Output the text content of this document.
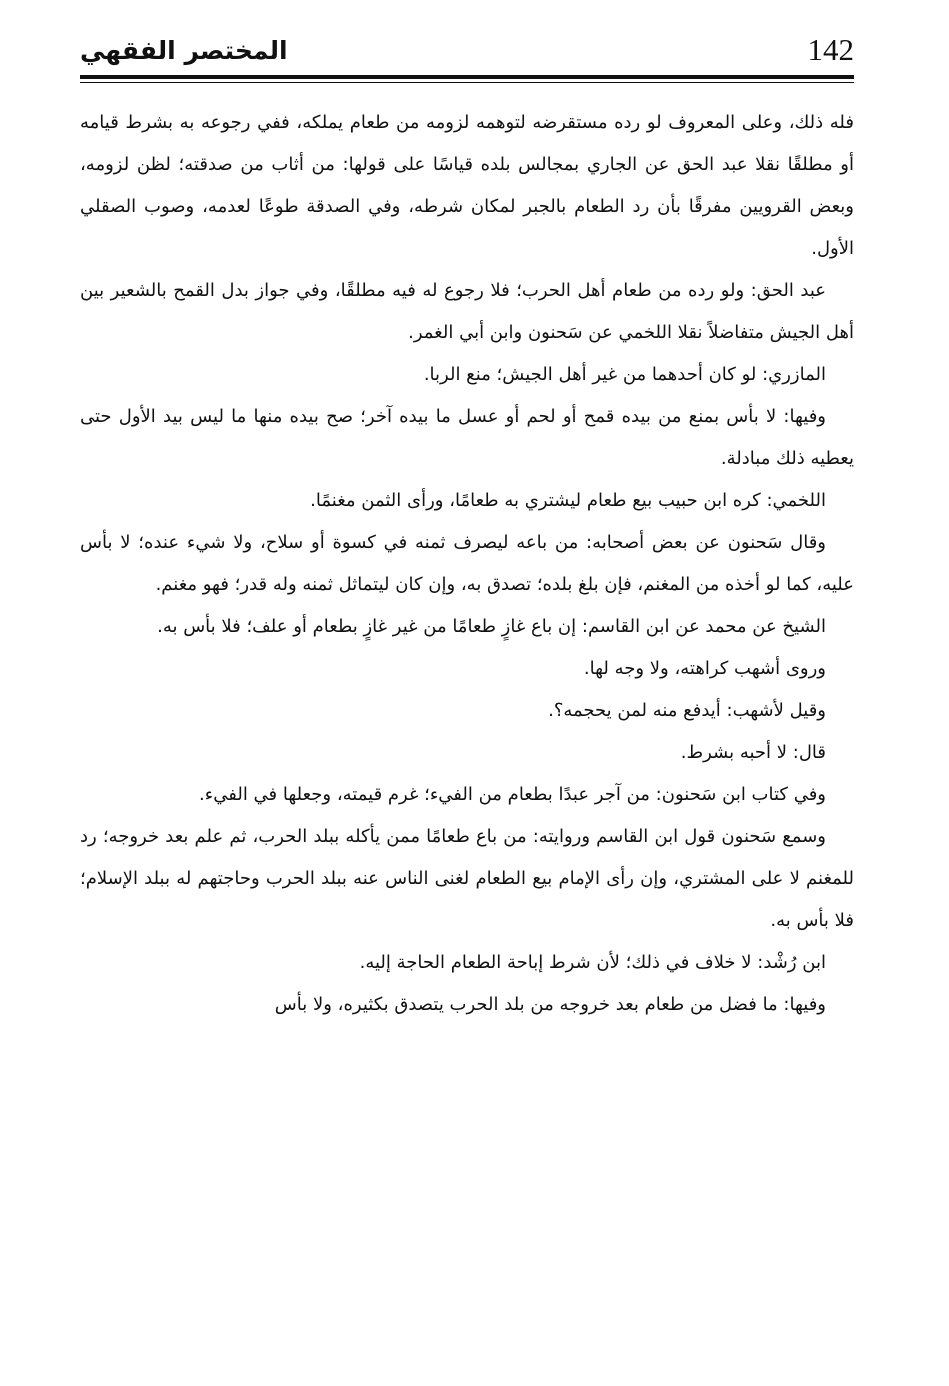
142
المختصر الفقهي

فله ذلك، وعلى المعروف لو رده مستقرضه لتوهمه لزومه من طعام يملكه، ففي رجوعه به بشرط قيامه أو مطلقًا نقلا عبد الحق عن الجاري بمجالس بلده قياسًا على قولها: من أثاب من صدقته؛ لظن لزومه، وبعض القرويين مفرقًا بأن رد الطعام بالجبر لمكان شرطه، وفي الصدقة طوعًا لعدمه، وصوب الصقلي الأول.

عبد الحق: ولو رده من طعام أهل الحرب؛ فلا رجوع له فيه مطلقًا، وفي جواز بدل القمح بالشعير بين أهل الجيش متفاضلاً نقلا اللخمي عن سَحنون وابن أبي الغمر.

المازري: لو كان أحدهما من غير أهل الجيش؛ منع الربا.

وفيها: لا بأس بمنع من بيده قمح أو لحم أو عسل ما بيده آخر؛ صح بيده منها ما ليس بيد الأول حتى يعطيه ذلك مبادلة.

اللخمي: كره ابن حبيب بيع طعام ليشتري به طعامًا، ورأى الثمن مغنمًا.

وقال سَحنون عن بعض أصحابه: من باعه ليصرف ثمنه في كسوة أو سلاح، ولا شيء عنده؛ لا بأس عليه، كما لو أخذه من المغنم، فإن بلغ بلده؛ تصدق به، وإن كان ليتماثل ثمنه وله قدر؛ فهو مغنم.

الشيخ عن محمد عن ابن القاسم: إن باع غازٍ طعامًا من غير غازٍ بطعام أو علف؛ فلا بأس به.

وروى أشهب كراهته، ولا وجه لها.

وقيل لأشهب: أيدفع منه لمن يحجمه؟.

قال: لا أحبه بشرط.

وفي كتاب ابن سَحنون: من آجر عبدًا بطعام من الفيء؛ غرم قيمته، وجعلها في الفيء.

وسمع سَحنون قول ابن القاسم وروايته: من باع طعامًا ممن يأكله ببلد الحرب، ثم علم بعد خروجه؛ رد للمغنم لا على المشتري، وإن رأى الإمام بيع الطعام لغنى الناس عنه ببلد الحرب وحاجتهم له ببلد الإسلام؛ فلا بأس به.

ابن رُشْد: لا خلاف في ذلك؛ لأن شرط إباحة الطعام الحاجة إليه.

وفيها: ما فضل من طعام بعد خروجه من بلد الحرب يتصدق بكثيره، ولا بأس
